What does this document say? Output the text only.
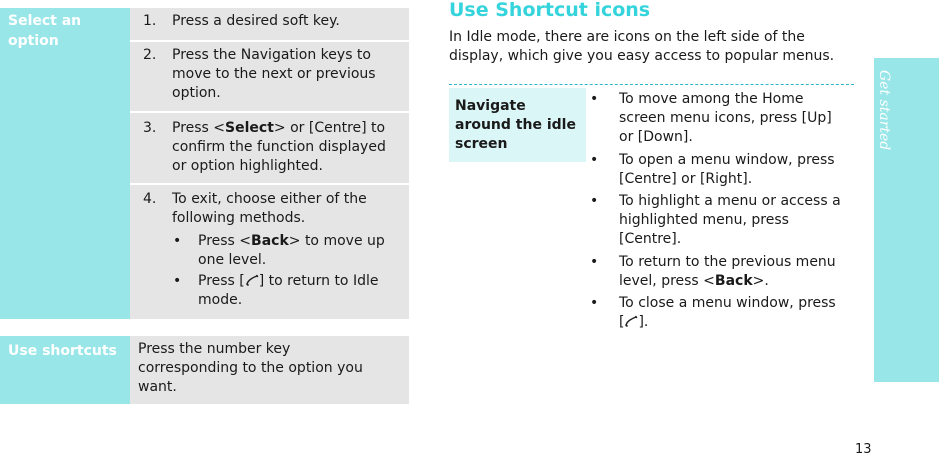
Select an option
1.	Press a desired soft key.
2.	Press the Navigation keys to
move to the next or previous
option.
3.	Press <Select> or [Centre] to
confirm the function displayed
or option highlighted.
4.	To exit, choose either of the
following methods.
• Press <Back> to move up
one level.
• Press [ ] to return to Idle
mode.
Use shortcuts	Press the number key
corresponding to the option you
want.
Use Shortcut icons
In Idle mode, there are icons on the left side of the
display, which give you easy access to popular menus.
Navigate
around the idle
screen
• To move among the Home
screen menu icons, press [Up]
or [Down].
• To open a menu window, press
[Centre] or [Right].
• To highlight a menu or access a
highlighted menu, press
[Centre].
• To return to the previous menu
level, press <Back>.
• To close a menu window, press
[ ].
Get started
13
